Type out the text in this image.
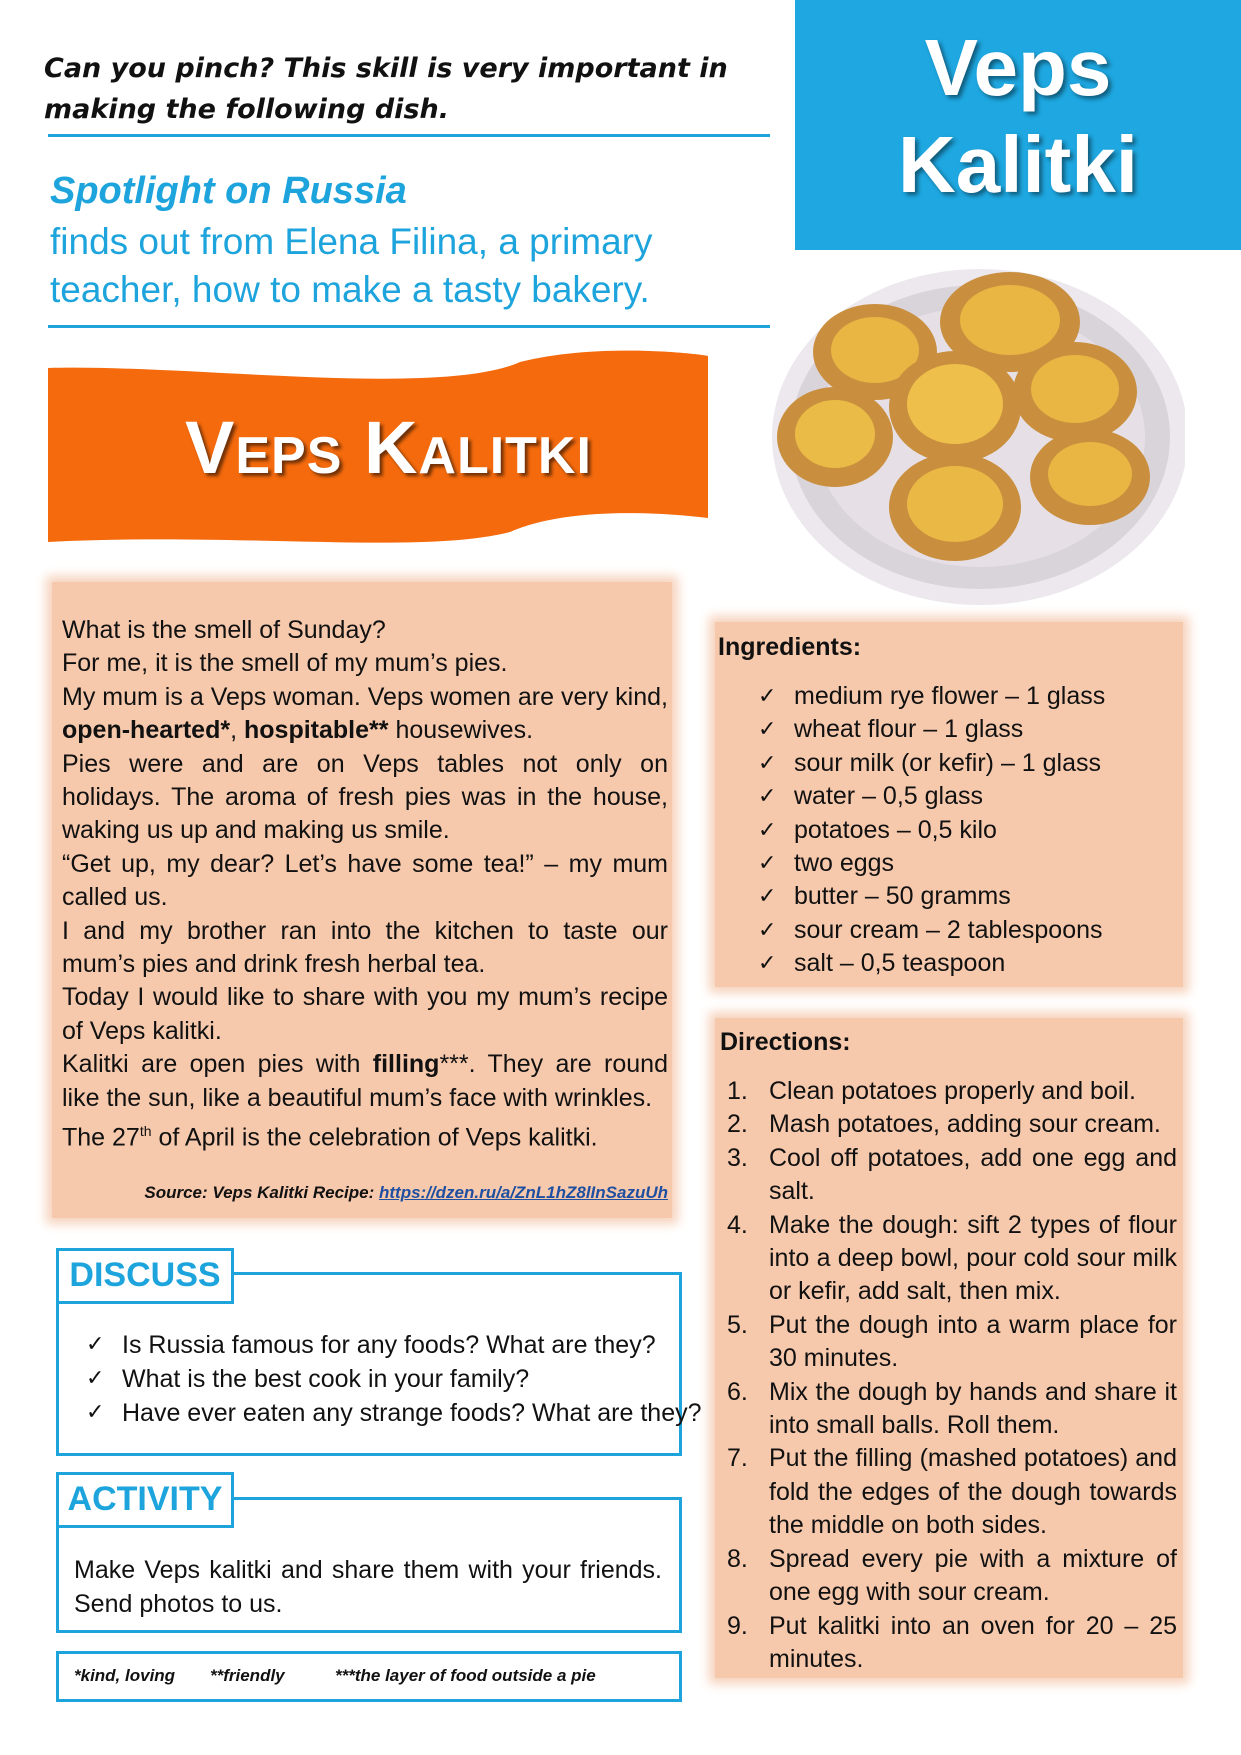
Can you pinch? This skill is very important in making the following dish.
Spotlight on Russia
finds out from Elena Filina, a primary teacher, how to make a tasty bakery.
Veps
Kalitki
Veps Kalitki

What is the smell of Sunday?

For me, it is the smell of my mum’s pies.

My mum is a Veps woman. Veps women are very kind, open-hearted*, hospitable** housewives.

Pies were and are on Veps tables not only on holidays. The aroma of fresh pies was in the house, waking us up and making us smile.

“Get up, my dear? Let’s have some tea!” – my mum called us.

I and my brother ran into the kitchen to taste our mum’s pies and drink fresh herbal tea.

Today I would like to share with you my mum’s recipe of Veps kalitki.

Kalitki are open pies with filling***. They are round like the sun, like a beautiful mum’s face with wrinkles.

The 27th of April is the celebration of Veps kalitki.

Source: Veps Kalitki Recipe: https://dzen.ru/a/ZnL1hZ8lInSazuUh
DISCUSS
✓ Is Russia famous for any foods? What are they?
✓ What is the best cook in your family?
✓ Have ever eaten any strange foods? What are they?
ACTIVITY
Make Veps kalitki and share them with your friends. Send photos to us.
*kind, loving **friendly	***the layer of food outside a pie
Ingredients:
✓ medium rye flower – 1 glass
✓ wheat flour – 1 glass
✓ sour milk (or kefir) – 1 glass
✓ water – 0,5 glass
✓ potatoes – 0,5 kilo
✓ two eggs
✓ butter – 50 gramms
✓ sour cream – 2 tablespoons
✓ salt – 0,5 teaspoon
Directions:
1. Clean potatoes properly and boil.
2. Mash potatoes, adding sour cream.
3. Cool off potatoes, add one egg and salt.
4. Make the dough: sift 2 types of flour into a deep bowl, pour cold sour milk or kefir, add salt, then mix.
5. Put the dough into a warm place for 30 minutes.
6. Mix the dough by hands and share it into small balls. Roll them.
7. Put the filling (mashed potatoes) and fold the edges of the dough towards the middle on both sides.
8. Spread every pie with a mixture of one egg with sour cream.
9. Put kalitki into an oven for 20 – 25 minutes.
